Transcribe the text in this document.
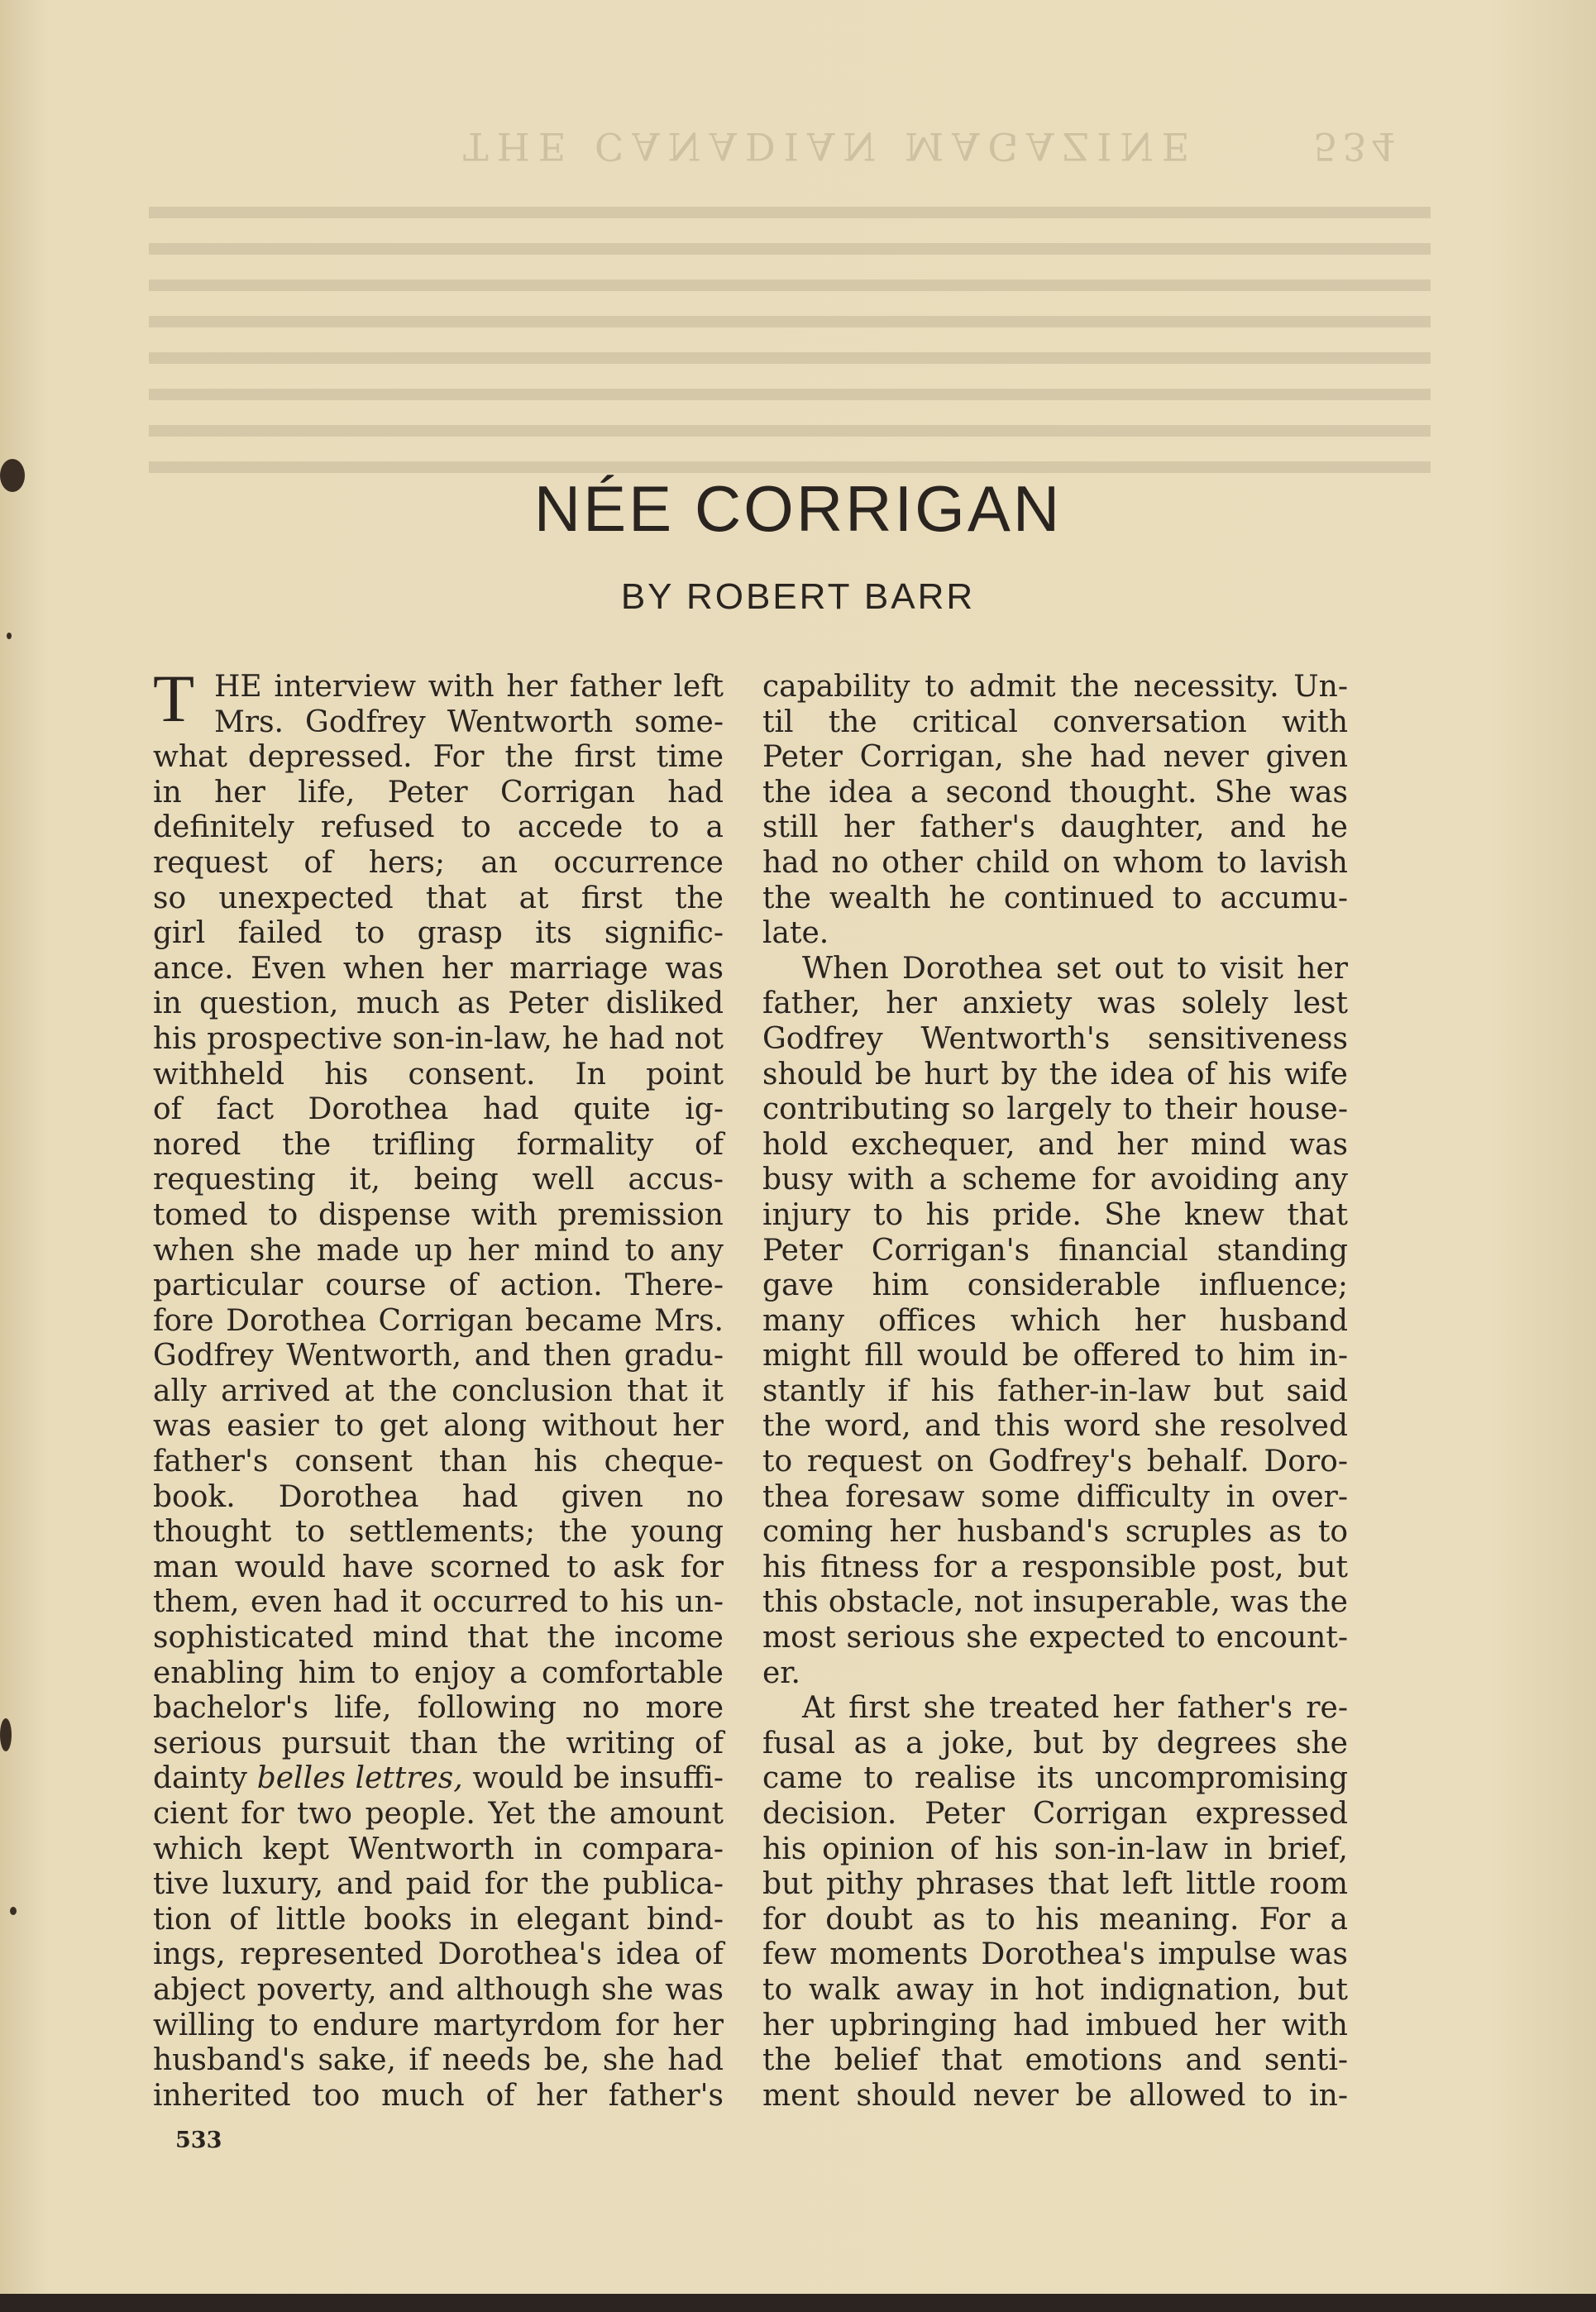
THE CANADIAN MAGAZINE	534
NÉE CORRIGAN
BY ROBERT BARR
T HE interview with her father left
Mrs. Godfrey Wentworth some-
what depressed. For the first time
in her life, Peter Corrigan had
definitely refused to accede to a
request of hers; an occurrence
so unexpected that at first the
girl failed to grasp its signific-
ance. Even when her marriage was
in question, much as Peter disliked
his prospective son-in-law, he had not
withheld his consent. In point
of fact Dorothea had quite ig-
nored the trifling formality of
requesting it, being well accus-
tomed to dispense with premission
when she made up her mind to any
particular course of action. There-
fore Dorothea Corrigan became Mrs.
Godfrey Wentworth, and then gradu-
ally arrived at the conclusion that it
was easier to get along without her
father's consent than his cheque-
book. Dorothea had given no
thought to settlements; the young
man would have scorned to ask for
them, even had it occurred to his un-
sophisticated mind that the income
enabling him to enjoy a comfortable
bachelor's life, following no more
serious pursuit than the writing of
dainty belles lettres, would be insuffi-
cient for two people. Yet the amount
which kept Wentworth in compara-
tive luxury, and paid for the publica-
tion of little books in elegant bind-
ings, represented Dorothea's idea of
abject poverty, and although she was
willing to endure martyrdom for her
husband's sake, if needs be, she had
inherited too much of her father's
capability to admit the necessity. Un-
til the critical conversation with
Peter Corrigan, she had never given
the idea a second thought. She was
still her father's daughter, and he
had no other child on whom to lavish
the wealth he continued to accumu-
late.
When Dorothea set out to visit her
father, her anxiety was solely lest
Godfrey Wentworth's sensitiveness
should be hurt by the idea of his wife
contributing so largely to their house-
hold exchequer, and her mind was
busy with a scheme for avoiding any
injury to his pride. She knew that
Peter Corrigan's financial standing
gave him considerable influence;
many offices which her husband
might fill would be offered to him in-
stantly if his father-in-law but said
the word, and this word she resolved
to request on Godfrey's behalf. Doro-
thea foresaw some difficulty in over-
coming her husband's scruples as to
his fitness for a responsible post, but
this obstacle, not insuperable, was the
most serious she expected to encount-
er.
At first she treated her father's re-
fusal as a joke, but by degrees she
came to realise its uncompromising
decision. Peter Corrigan expressed
his opinion of his son-in-law in brief,
but pithy phrases that left little room
for doubt as to his meaning. For a
few moments Dorothea's impulse was
to walk away in hot indignation, but
her upbringing had imbued her with
the belief that emotions and senti-
ment should never be allowed to in-
533
